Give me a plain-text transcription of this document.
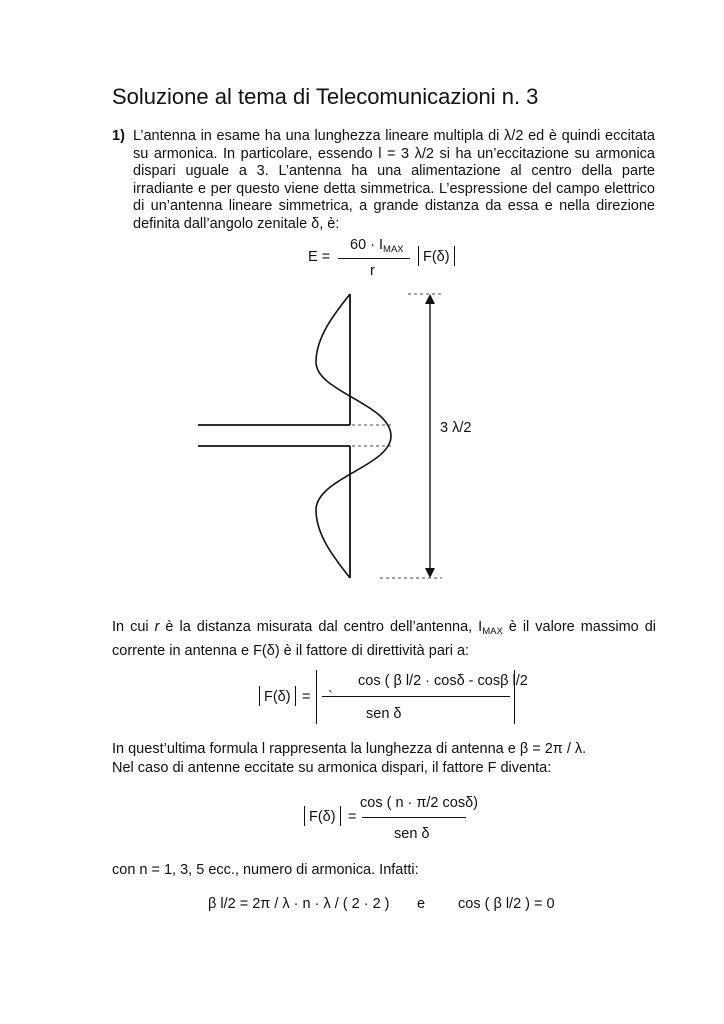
Soluzione al tema di Telecomunicazioni n. 3
1) L’antenna in esame ha una lunghezza lineare multipla di λ/2 ed è quindi eccitata
su armonica. In particolare, essendo l = 3 λ/2 si ha un’eccitazione su armonica
dispari uguale a 3. L’antenna ha una alimentazione al centro della parte
irradiante e per questo viene detta simmetrica. L’espressione del campo elettrico
di un’antenna lineare simmetrica, a grande distanza da essa e nella direzione
definita dall’angolo zenitale δ, è:
E =
$60 \cdot I_{MAX}$
r
F(δ)
3 λ/2
In cui r è la distanza misurata dal centro dell’antenna, $I_{MAX}$ è il valore massimo di corrente in antenna e F(δ) è il fattore di direttività pari a:
F(δ) =
cos ( β l/2 · cosδ - cosβ l/2
`
sen δ
In quest’ultima formula l rappresenta la lunghezza di antenna e β = 2π / λ.
Nel caso di antenne eccitate su armonica dispari, il fattore F diventa:
F(δ) =
cos ( n · π/2 cosδ)
sen δ
con n = 1, 3, 5 ecc., numero di armonica. Infatti:
β l/2 = 2π / λ · n · λ / ( 2 · 2 ) e cos ( β l/2 ) = 0
